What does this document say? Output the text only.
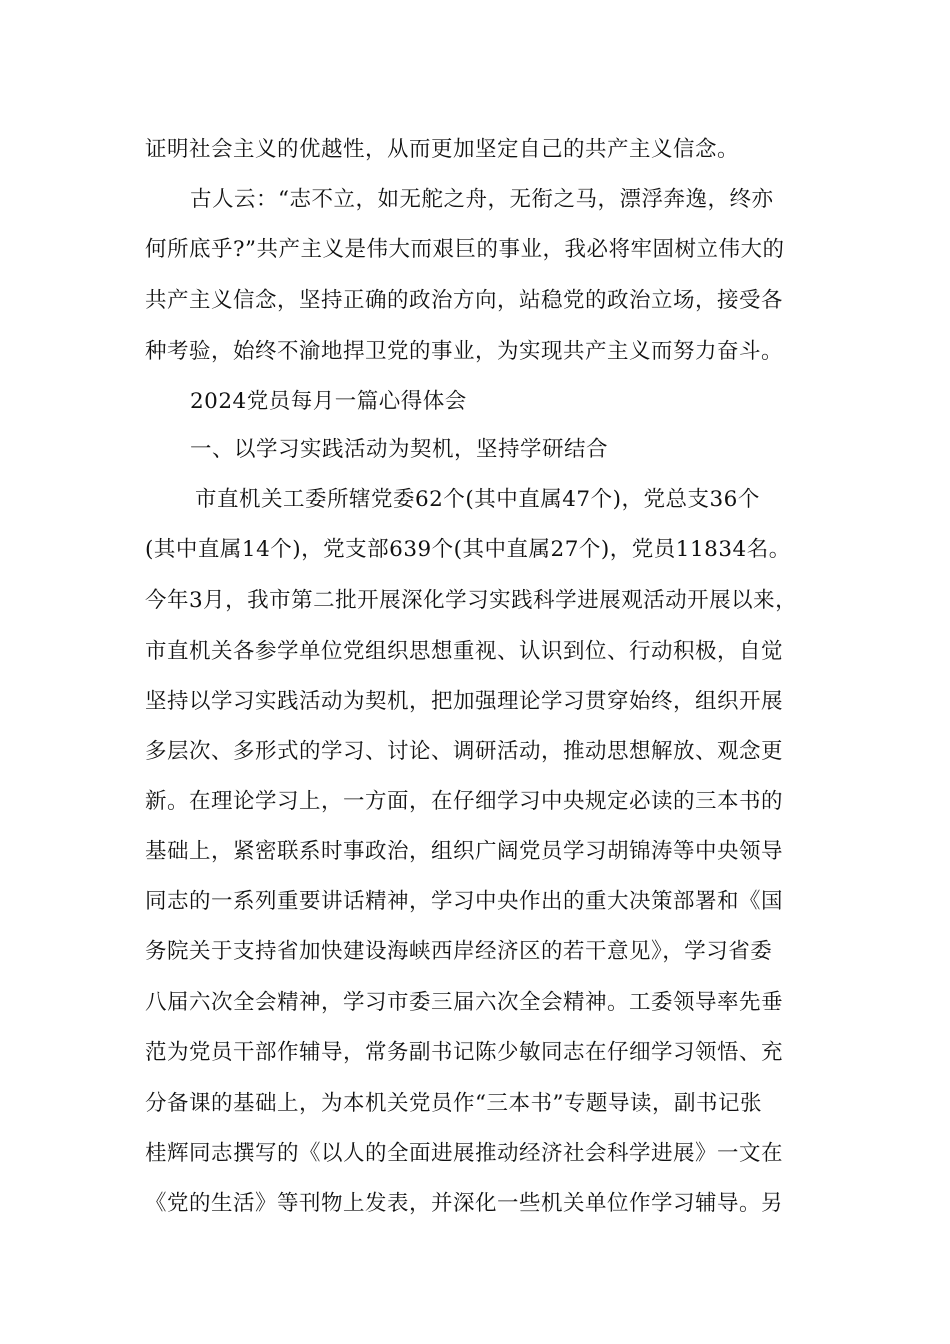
证明社会主义的优越性，从而更加坚定自己的共产主义信念。
古人云：“志不立，如无舵之舟，无衔之马，漂浮奔逸，终亦
何所底乎?”共产主义是伟大而艰巨的事业，我必将牢固树立伟大的
共产主义信念，坚持正确的政治方向，站稳党的政治立场，接受各
种考验，始终不渝地捍卫党的事业，为实现共产主义而努力奋斗。
2024党员每月一篇心得体会
一、以学习实践活动为契机，坚持学研结合
市直机关工委所辖党委62个(其中直属47个)，党总支36个
(其中直属14个)，党支部639个(其中直属27个)，党员11834名。
今年3月，我市第二批开展深化学习实践科学进展观活动开展以来，
市直机关各参学单位党组织思想重视、认识到位、行动积极，自觉
坚持以学习实践活动为契机，把加强理论学习贯穿始终，组织开展
多层次、多形式的学习、讨论、调研活动，推动思想解放、观念更
新。在理论学习上，一方面，在仔细学习中央规定必读的三本书的
基础上，紧密联系时事政治，组织广阔党员学习胡锦涛等中央领导
同志的一系列重要讲话精神，学习中央作出的重大决策部署和《国
务院关于支持省加快建设海峡西岸经济区的若干意见》，学习省委
八届六次全会精神，学习市委三届六次全会精神。工委领导率先垂
范为党员干部作辅导，常务副书记陈少敏同志在仔细学习领悟、充
分备课的基础上，为本机关党员作“三本书”专题导读，副书记张
桂辉同志撰写的《以人的全面进展推动经济社会科学进展》一文在
《党的生活》等刊物上发表，并深化一些机关单位作学习辅导。另
